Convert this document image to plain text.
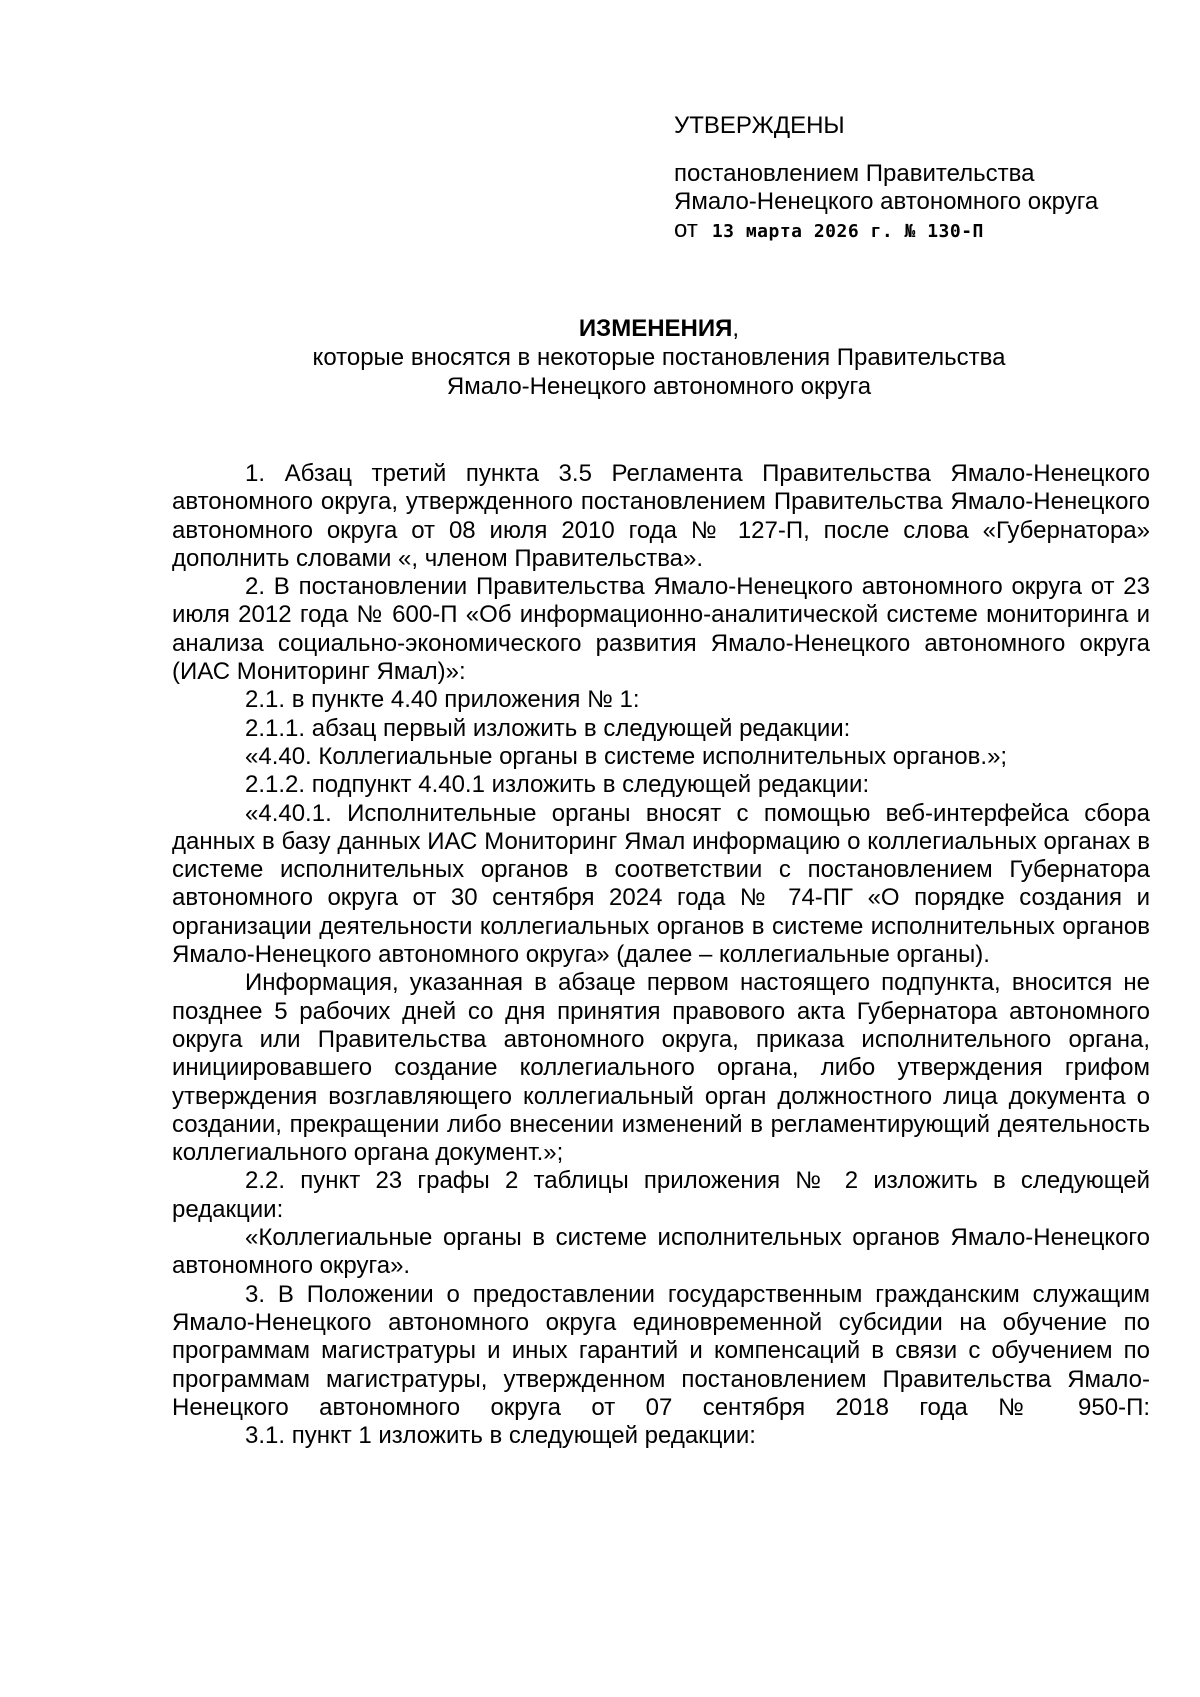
УТВЕРЖДЕНЫ
постановлением Правительства
Ямало-Ненецкого автономного округа
от 13 марта 2026 г. № 130-П
ИЗМЕНЕНИЯ,
которые вносятся в некоторые постановления Правительства
Ямало-Ненецкого автономного округа

1. Абзац третий пункта 3.5 Регламента Правительства Ямало-Ненецкого автономного округа, утвержденного постановлением Правительства Ямало-Ненецкого автономного округа от 08 июля 2010 года № 127-П, после слова «Губернатора» дополнить словами «, членом Правительства».

2. В постановлении Правительства Ямало-Ненецкого автономного округа от 23 июля 2012 года № 600-П «Об информационно-аналитической системе мониторинга и анализа социально-экономического развития Ямало-Ненецкого автономного округа (ИАС Мониторинг Ямал)»:

2.1. в пункте 4.40 приложения № 1:

2.1.1. абзац первый изложить в следующей редакции:

«4.40. Коллегиальные органы в системе исполнительных органов.»;

2.1.2. подпункт 4.40.1 изложить в следующей редакции:

«4.40.1. Исполнительные органы вносят с помощью веб-интерфейса сбора данных в базу данных ИАС Мониторинг Ямал информацию о коллегиальных органах в системе исполнительных органов в соответствии с постановлением Губернатора автономного округа от 30 сентября 2024 года № 74-ПГ «О порядке создания и организации деятельности коллегиальных органов в системе исполнительных органов Ямало-Ненецкого автономного округа» (далее – коллегиальные органы).

Информация, указанная в абзаце первом настоящего подпункта, вносится не позднее 5 рабочих дней со дня принятия правового акта Губернатора автономного округа или Правительства автономного округа, приказа исполнительного органа, инициировавшего создание коллегиального органа, либо утверждения грифом утверждения возглавляющего коллегиальный орган должностного лица документа о создании, прекращении либо внесении изменений в регламентирующий деятельность коллегиального органа документ.»;

2.2. пункт 23 графы 2 таблицы приложения № 2 изложить в следующей редакции:

«Коллегиальные органы в системе исполнительных органов Ямало-Ненецкого автономного округа».

3. В Положении о предоставлении государственным гражданским служащим Ямало-Ненецкого автономного округа единовременной субсидии на обучение по программам магистратуры и иных гарантий и компенсаций в связи с обучением по программам магистратуры, утвержденном постановлением Правительства Ямало-Ненецкого автономного округа от 07 сентября 2018 года № 950-П:

3.1. пункт 1 изложить в следующей редакции:
